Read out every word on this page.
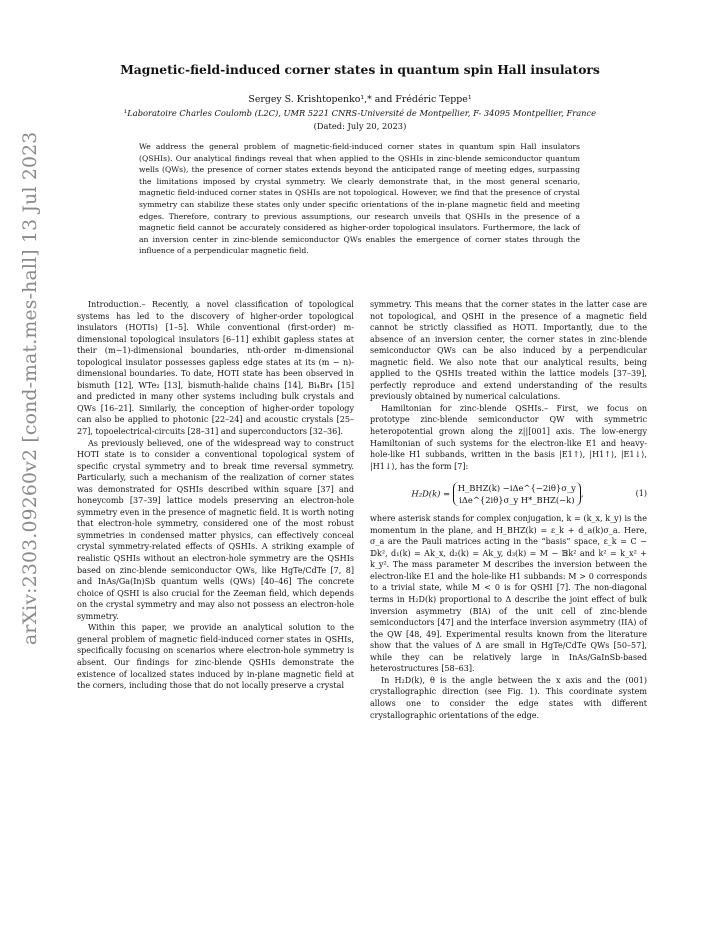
Magnetic-field-induced corner states in quantum spin Hall insulators
Sergey S. Krishtopenko¹,* and Frédéric Teppe¹
¹Laboratoire Charles Coulomb (L2C), UMR 5221 CNRS-Université de Montpellier, F- 34095 Montpellier, France
(Dated: July 20, 2023)
We address the general problem of magnetic-field-induced corner states in quantum spin Hall insulators (QSHIs). Our analytical findings reveal that when applied to the QSHIs in zinc-blende semiconductor quantum wells (QWs), the presence of corner states extends beyond the anticipated range of meeting edges, surpassing the limitations imposed by crystal symmetry. We clearly demonstrate that, in the most general scenario, magnetic field-induced corner states in QSHIs are not topological. However, we find that the presence of crystal symmetry can stabilize these states only under specific orientations of the in-plane magnetic field and meeting edges. Therefore, contrary to previous assumptions, our research unveils that QSHIs in the presence of a magnetic field cannot be accurately considered as higher-order topological insulators. Furthermore, the lack of an inversion center in zinc-blende semiconductor QWs enables the emergence of corner states through the influence of a perpendicular magnetic field.
arXiv:2303.09260v2 [cond-mat.mes-hall] 13 Jul 2023	Introduction.– Recently, a novel classification of topological systems has led to the discovery of higher-order topological insulators (HOTIs) [1–5]. While conventional (first-order) m-dimensional topological insulators [6–11] exhibit gapless states at their (m−1)-dimensional boundaries, nth-order m-dimensional topological insulator possesses gapless edge states at its (m − n)-dimensional boundaries. To date, HOTI state has been observed in bismuth [12], WTe₂ [13], bismuth-halide chains [14], Bi₄Br₄ [15] and predicted in many other systems including bulk crystals and QWs [16–21]. Similarly, the conception of higher-order topology can also be applied to photonic [22–24] and acoustic crystals [25–27], topoelectrical-circuits [28–31] and superconductors [32–36].

As previously believed, one of the widespread way to construct HOTI state is to consider a conventional topological system of specific crystal symmetry and to break time reversal symmetry. Particularly, such a mechanism of the realization of corner states was demonstrated for QSHIs described within square [37] and honeycomb [37–39] lattice models preserving an electron-hole symmetry even in the presence of magnetic field. It is worth noting that electron-hole symmetry, considered one of the most robust symmetries in condensed matter physics, can effectively conceal crystal symmetry-related effects of QSHIs. A striking example of realistic QSHIs without an electron-hole symmetry are the QSHIs based on zinc-blende semiconductor QWs, like HgTe/CdTe [7, 8] and InAs/Ga(In)Sb quantum wells (QWs) [40–46] The concrete choice of QSHI is also crucial for the Zeeman field, which depends on the crystal symmetry and may also not possess an electron-hole symmetry.

Within this paper, we provide an analytical solution to the general problem of magnetic field-induced corner states in QSHIs, specifically focusing on scenarios where electron-hole symmetry is absent. Our findings for zinc-blende QSHIs demonstrate the existence of localized states induced by in-plane magnetic field at the corners, including those that do not locally preserve a crystal

symmetry. This means that the corner states in the latter case are not topological, and QSHI in the presence of a magnetic field cannot be strictly classified as HOTI. Importantly, due to the absence of an inversion center, the corner states in zinc-blende semiconductor QWs can be also induced by a perpendicular magnetic field. We also note that our analytical results, being applied to the QSHIs treated within the lattice models [37–39], perfectly reproduce and extend understanding of the results previously obtained by numerical calculations.

Hamiltonian for zinc-blende QSHIs.– First, we focus on prototype zinc-blende semiconductor QW with symmetric heteropotential grown along the z||[001] axis. The low-energy Hamiltonian of such systems for the electron-like E1 and heavy-hole-like H1 subbands, written in the basis |E1↑⟩, |H1↑⟩, |E1↓⟩, |H1↓⟩, has the form [7]:

H₂D(k) =
H_BHZ(k) −iΔe^{−2iθ}σ_y
iΔe^{2iθ}σ_y H*_BHZ(−k)
,	(1)

where asterisk stands for complex conjugation, k = (k_x, k_y) is the momentum in the plane, and H_BHZ(k) = ε_k + d_a(k)σ_a. Here, σ_a are the Pauli matrices acting in the “basis” space, ε_k = C − 𝔻k², d₁(k) = Ak_x, d₂(k) = Ak_y, d₃(k) = M − 𝔹k² and k² = k_x² + k_y². The mass parameter M describes the inversion between the electron-like E1 and the hole-like H1 subbands: M > 0 corresponds to a trivial state, while M < 0 is for QSHI [7]. The non-diagonal terms in H₂D(k) proportional to Δ describe the joint effect of bulk inversion asymmetry (BIA) of the unit cell of zinc-blende semiconductors [47] and the interface inversion asymmetry (IIA) of the QW [48, 49]. Experimental results known from the literature show that the values of Δ are small in HgTe/CdTe QWs [50–57], while they can be relatively large in InAs/GaInSb-based heterostructures [58–63].

In H₂D(k), θ is the angle between the x axis and the (001) crystallographic direction (see Fig. 1). This coordinate system allows one to consider the edge states with different crystallographic orientations of the edge.
